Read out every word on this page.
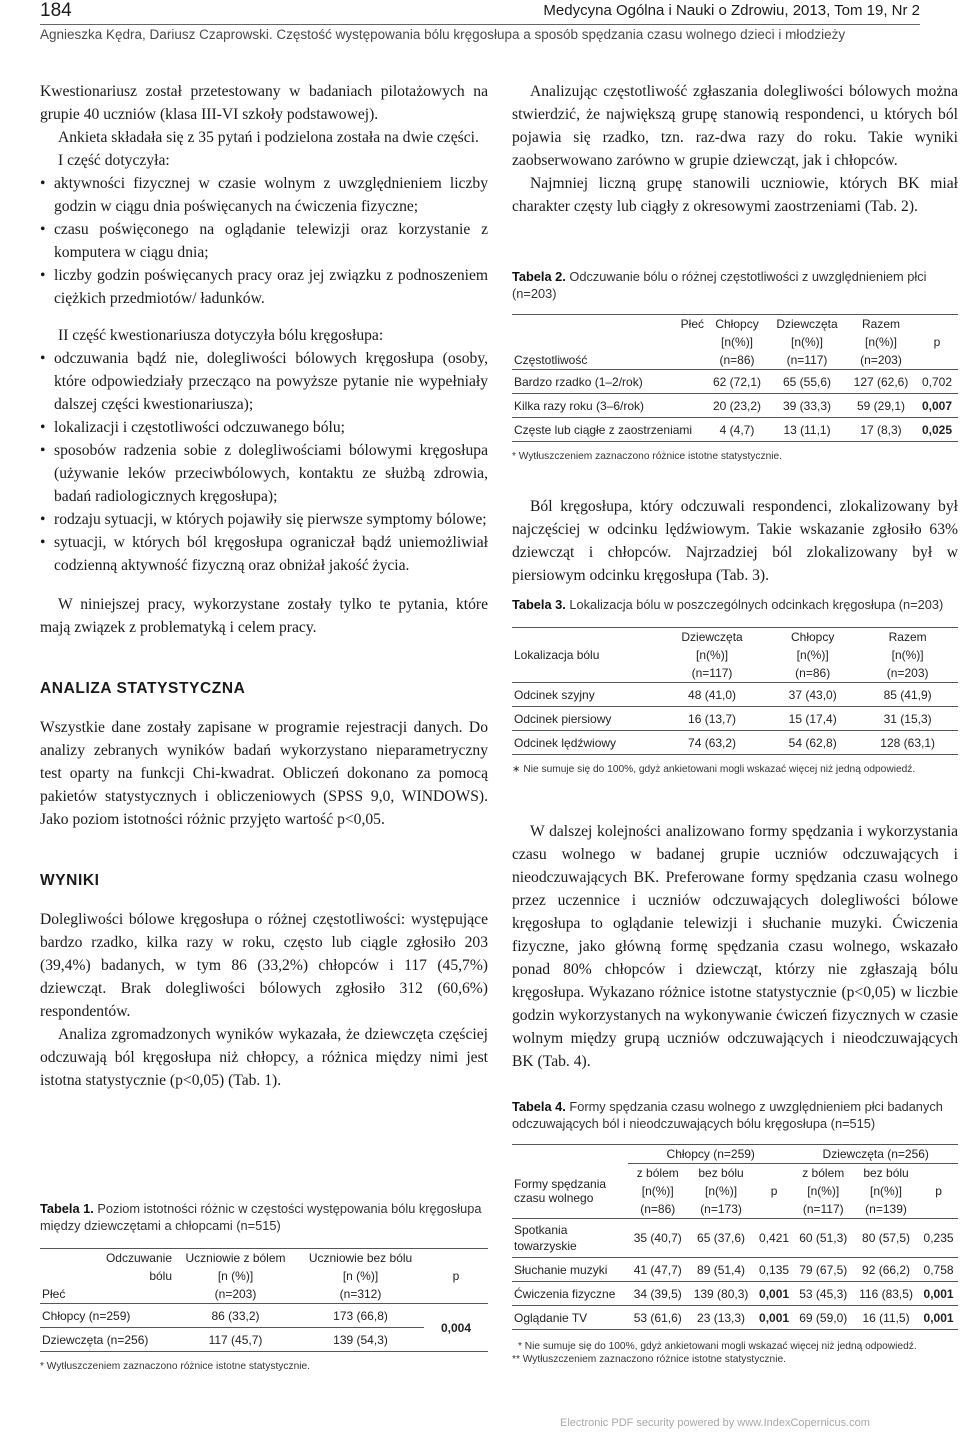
184	Medycyna Ogólna i Nauki o Zdrowiu, 2013, Tom 19, Nr 2
Agnieszka Kędra, Dariusz Czaprowski. Częstość występowania bólu kręgosłupa a sposób spędzania czasu wolnego dzieci i młodzieży

Kwestionariusz został przetestowany w badaniach pilotażowych na grupie 40 uczniów (klasa III-VI szkoły podstawowej).

Ankieta składała się z 35 pytań i podzielona została na dwie części.

I część dotyczyła:

• aktywności fizycznej w czasie wolnym z uwzględnieniem liczby godzin w ciągu dnia poświęcanych na ćwiczenia fizyczne;
• czasu poświęconego na oglądanie telewizji oraz korzystanie z komputera w ciągu dnia;
• liczby godzin poświęcanych pracy oraz jej związku z podnoszeniem ciężkich przedmiotów/ ładunków.

II część kwestionariusza dotyczyła bólu kręgosłupa:

• odczuwania bądź nie, dolegliwości bólowych kręgosłupa (osoby, które odpowiedziały przecząco na powyższe pytanie nie wypełniały dalszej części kwestionariusza);
• lokalizacji i częstotliwości odczuwanego bólu;
• sposobów radzenia sobie z dolegliwościami bólowymi kręgosłupa (używanie leków przeciwbólowych, kontaktu ze służbą zdrowia, badań radiologicznych kręgosłupa);
• rodzaju sytuacji, w których pojawiły się pierwsze symptomy bólowe;
• sytuacji, w których ból kręgosłupa ograniczał bądź uniemożliwiał codzienną aktywność fizyczną oraz obniżał jakość życia.

W niniejszej pracy, wykorzystane zostały tylko te pytania, które mają związek z problematyką i celem pracy.

ANALIZA STATYSTYCZNA

Wszystkie dane zostały zapisane w programie rejestracji danych. Do analizy zebranych wyników badań wykorzystano nieparametryczny test oparty na funkcji Chi-kwadrat. Obliczeń dokonano za pomocą pakietów statystycznych i obliczeniowych (SPSS 9,0, WINDOWS). Jako poziom istotności różnic przyjęto wartość p<0,05.

WYNIKI

Dolegliwości bólowe kręgosłupa o różnej częstotliwości: występujące bardzo rzadko, kilka razy w roku, często lub ciągle zgłosiło 203 (39,4%) badanych, w tym 86 (33,2%) chłopców i 117 (45,7%) dziewcząt. Brak dolegliwości bólowych zgłosiło 312 (60,6%) respondentów.

Analiza zgromadzonych wyników wykazała, że dziewczęta częściej odczuwają ból kręgosłupa niż chłopcy, a różnica między nimi jest istotna statystycznie (p<0,05) (Tab. 1).

Tabela 1. Poziom istotności różnic w częstości występowania bólu kręgosłupa między dziewczętami a chłopcami (n=515)
Odczuwanie	Uczniowie z bólem	Uczniowie bez bólu	
bólu	[n (%)]	[n (%)]	p
Płeć	(n=203)	(n=312)	
Chłopcy (n=259)	86 (33,2)	173 (66,8)	0,004
Dziewczęta (n=256)	117 (45,7)	139 (54,3)	
* Wytłuszczeniem zaznaczono różnice istotne statystycznie.

Analizując częstotliwość zgłaszania dolegliwości bólowych można stwierdzić, że największą grupę stanowią respondenci, u których ból pojawia się rzadko, tzn. raz-dwa razy do roku. Takie wyniki zaobserwowano zarówno w grupie dziewcząt, jak i chłopców.

Najmniej liczną grupę stanowili uczniowie, których BK miał charakter częsty lub ciągły z okresowymi zaostrzeniami (Tab. 2).

Tabela 2. Odczuwanie bólu o różnej częstotliwości z uwzględnieniem płci (n=203)
Płeć	Chłopcy	Dziewczęta	Razem	
	[n(%)]	[n(%)]	[n(%)]	p
Częstotliwość	(n=86)	(n=117)	(n=203)	
Bardzo rzadko (1–2/rok)	62 (72,1)	65 (55,6)	127 (62,6)	0,702
Kilka razy roku (3–6/rok)	20 (23,2)	39 (33,3)	59 (29,1)	0,007
Częste lub ciągłe z zaostrzeniami	4 (4,7)	13 (11,1)	17 (8,3)	0,025
* Wytłuszczeniem zaznaczono różnice istotne statystycznie.

Ból kręgosłupa, który odczuwali respondenci, zlokalizowany był najczęściej w odcinku lędźwiowym. Takie wskazanie zgłosiło 63% dziewcząt i chłopców. Najrzadziej ból zlokalizowany był w piersiowym odcinku kręgosłupa (Tab. 3).

Tabela 3. Lokalizacja bólu w poszczególnych odcinkach kręgosłupa (n=203)
	Dziewczęta	Chłopcy	Razem
Lokalizacja bólu	[n(%)]	[n(%)]	[n(%)]
	(n=117)	(n=86)	(n=203)
Odcinek szyjny	48 (41,0)	37 (43,0)	85 (41,9)
Odcinek piersiowy	16 (13,7)	15 (17,4)	31 (15,3)
Odcinek lędźwiowy	74 (63,2)	54 (62,8)	128 (63,1)
∗ Nie sumuje się do 100%, gdyż ankietowani mogli wskazać więcej niż jedną odpowiedź.

W dalszej kolejności analizowano formy spędzania i wykorzystania czasu wolnego w badanej grupie uczniów odczuwających i nieodczuwających BK. Preferowane formy spędzania czasu wolnego przez uczennice i uczniów odczuwających dolegliwości bólowe kręgosłupa to oglądanie telewizji i słuchanie muzyki. Ćwiczenia fizyczne, jako główną formę spędzania czasu wolnego, wskazało ponad 80% chłopców i dziewcząt, którzy nie zgłaszają bólu kręgosłupa. Wykazano różnice istotne statystycznie (p<0,05) w liczbie godzin wykorzystanych na wykonywanie ćwiczeń fizycznych w czasie wolnym między grupą uczniów odczuwających i nieodczuwających BK (Tab. 4).

Tabela 4. Formy spędzania czasu wolnego z uwzględnieniem płci badanych odczuwających ból i nieodczuwających bólu kręgosłupa (n=515)
	Chłopcy (n=259)			Dziewczęta (n=256)		
Formy spędzania czasu wolnego	z bólem	bez bólu	p	z bólem	bez bólu	p
	[n(%)]	[n(%)]		[n(%)]	[n(%)]	
	(n=86)	(n=173)		(n=117)	(n=139)	
Spotkania towarzyskie	35 (40,7)	65 (37,6)	0,421	60 (51,3)	80 (57,5)	0,235
Słuchanie muzyki	41 (47,7)	89 (51,4)	0,135	79 (67,5)	92 (66,2)	0,758
Ćwiczenia fizyczne	34 (39,5)	139 (80,3)	0,001	53 (45,3)	116 (83,5)	0,001
Oglądanie TV	53 (61,6)	23 (13,3)	0,001	69 (59,0)	16 (11,5)	0,001
* Nie sumuje się do 100%, gdyż ankietowani mogli wskazać więcej niż jedną odpowiedź.
** Wytłuszczeniem zaznaczono różnice istotne statystycznie.
Electronic PDF security powered by www.IndexCopernicus.com
